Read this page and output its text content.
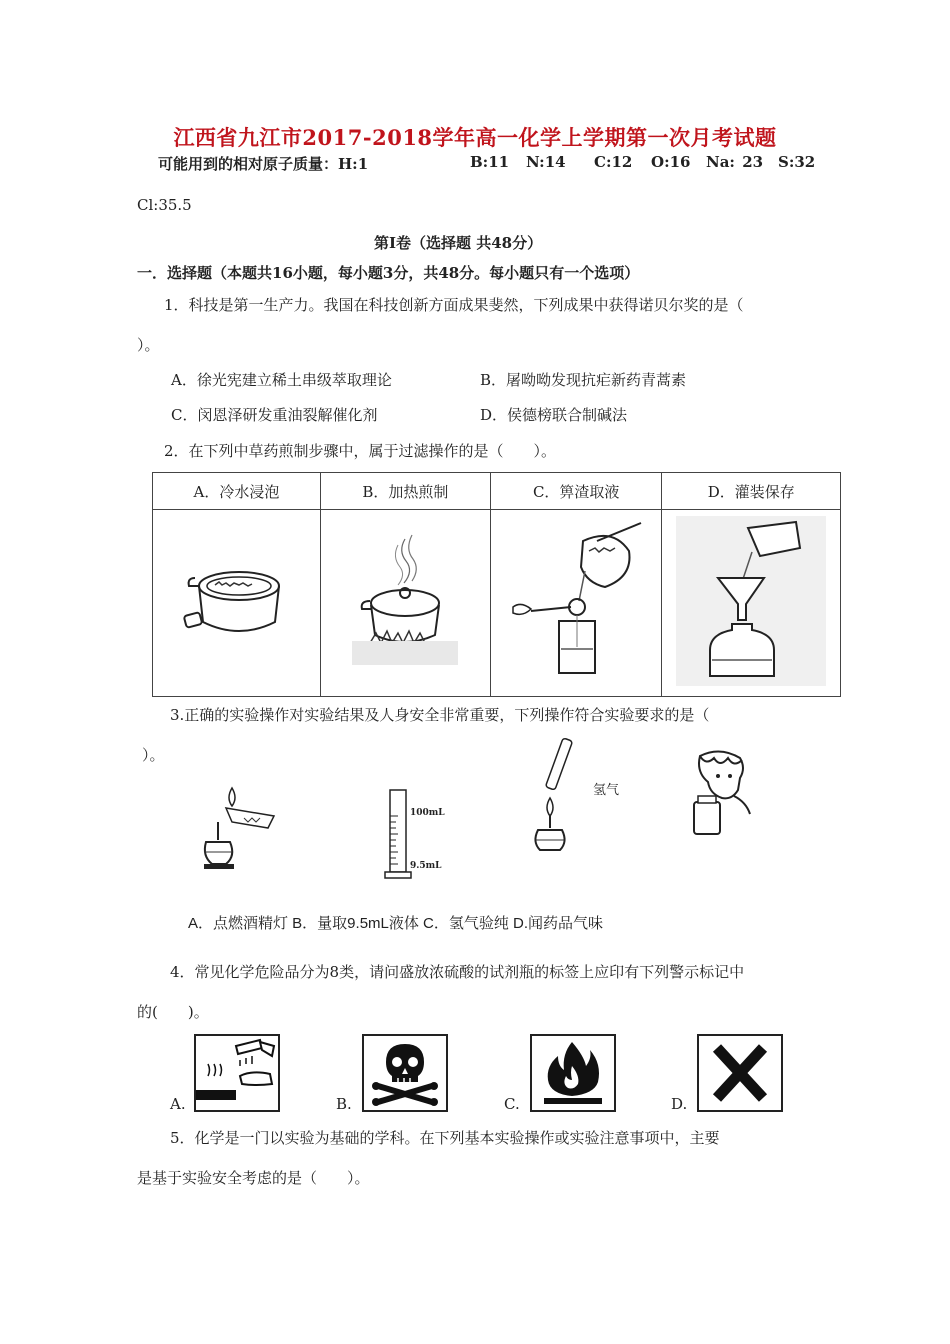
江西省九江市2017-2018学年高一化学上学期第一次月考试题
可能用到的相对原子质量：H:1	B:11 N:14 C:12 O:16 Na: 23 S:32
Cl:35.5
第Ⅰ卷（选择题 共48分）
一．选择题（本题共16小题，每小题3分，共48分。每小题只有一个选项）
1．科技是第一生产力。我国在科技创新方面成果斐然，下列成果中获得诺贝尔奖的是（
）。
A．徐光宪建立稀土串级萃取理论	B．屠呦呦发现抗疟新药青蒿素
C．闵恩泽研发重油裂解催化剂	D．侯德榜联合制碱法
2．在下列中草药煎制步骤中，属于过滤操作的是（　　）。
A．冷水浸泡	B．加热煎制	C．箅渣取液	D．灌装保存

3.正确的实验操作对实验结果及人身安全非常重要，下列操作符合实验要求的是（
）。
100mL
9.5mL
氢气
A．点燃酒精灯 B．量取9.5mL液体 C．氢气验纯 D.闻药品气味
4．常见化学危险品分为8类，请问盛放浓硫酸的试剂瓶的标签上应印有下列警示标记中
的(　　)。
A.	B.	C.	D.
5．化学是一门以实验为基础的学科。在下列基本实验操作或实验注意事项中，主要
是基于实验安全考虑的是（　　）。
